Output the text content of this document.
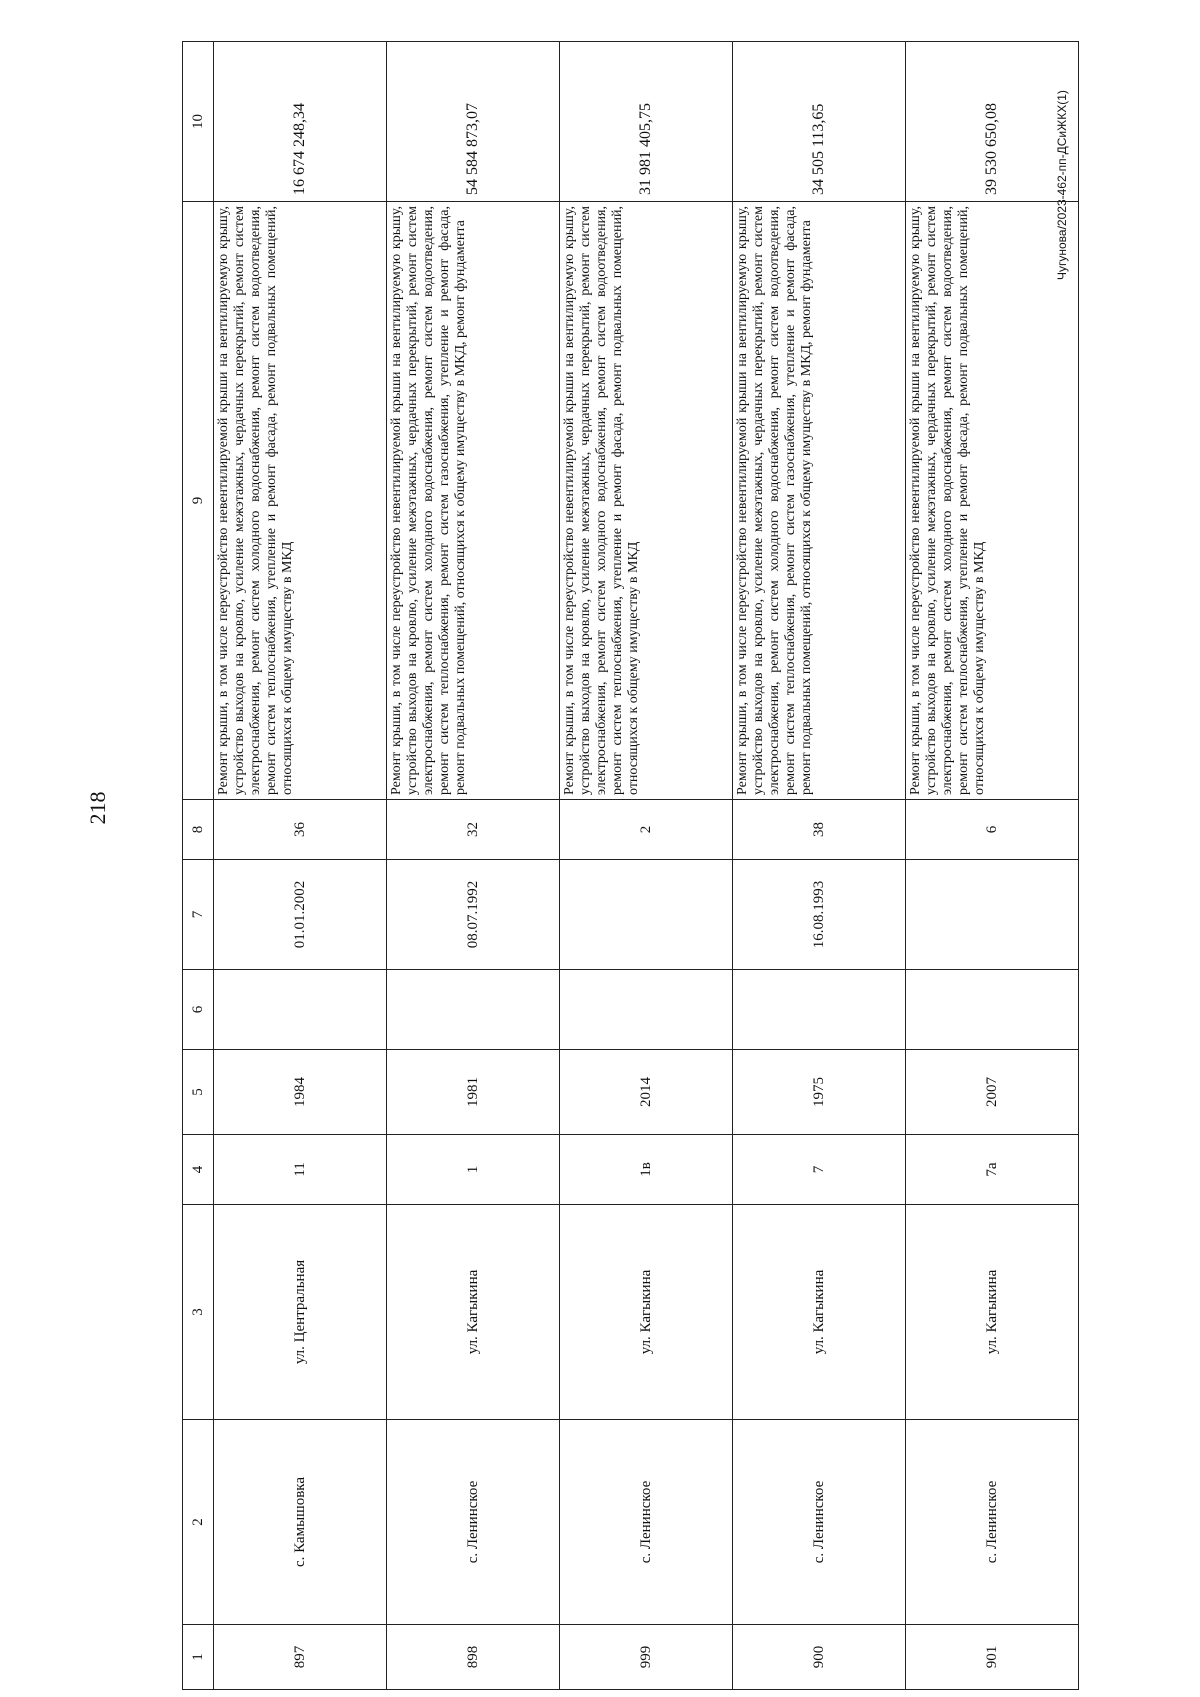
218
Чугунова/2023-462-пп-ДСиЖКХ(1)
1	2	3	4	5	6	7	8	9	10
897	с. Камышовка	ул. Центральная	11	1984		01.01.2002	36	Ремонт крыши, в том числе переустройство невентилируемой крыши на вентилируемую крышу, устройство выходов на кровлю, усиление межэтажных, чердачных перекрытий, ремонт систем электроснабжения, ремонт систем холодного водоснабжения, ремонт систем водоотведения, ремонт систем теплоснабжения, утепление и ремонт фасада, ремонт подвальных помещений, относящихся к общему имуществу в МКД	16 674 248,34
898	с. Ленинское	ул. Кагыкина	1	1981		08.07.1992	32	Ремонт крыши, в том числе переустройство невентилируемой крыши на вентилируемую крышу, устройство выходов на кровлю, усиление межэтажных, чердачных перекрытий, ремонт систем электроснабжения, ремонт систем холодного водоснабжения, ремонт систем водоотведения, ремонт систем теплоснабжения, ремонт систем газоснабжения, утепление и ремонт фасада, ремонт подвальных помещений, относящихся к общему имуществу в МКД, ремонт фундамента	54 584 873,07
999	с. Ленинское	ул. Кагыкина	1в	2014			2	Ремонт крыши, в том числе переустройство невентилируемой крыши на вентилируемую крышу, устройство выходов на кровлю, усиление межэтажных, чердачных перекрытий, ремонт систем электроснабжения, ремонт систем холодного водоснабжения, ремонт систем водоотведения, ремонт систем теплоснабжения, утепление и ремонт фасада, ремонт подвальных помещений, относящихся к общему имуществу в МКД	31 981 405,75
900	с. Ленинское	ул. Кагыкина	7	1975		16.08.1993	38	Ремонт крыши, в том числе переустройство невентилируемой крыши на вентилируемую крышу, устройство выходов на кровлю, усиление межэтажных, чердачных перекрытий, ремонт систем электроснабжения, ремонт систем холодного водоснабжения, ремонт систем водоотведения, ремонт систем теплоснабжения, ремонт систем газоснабжения, утепление и ремонт фасада, ремонт подвальных помещений, относящихся к общему имуществу в МКД, ремонт фундамента	34 505 113,65
901	с. Ленинское	ул. Кагыкина	7а	2007			6	Ремонт крыши, в том числе переустройство невентилируемой крыши на вентилируемую крышу, устройство выходов на кровлю, усиление межэтажных, чердачных перекрытий, ремонт систем электроснабжения, ремонт систем холодного водоснабжения, ремонт систем водоотведения, ремонт систем теплоснабжения, утепление и ремонт фасада, ремонт подвальных помещений, относящихся к общему имуществу в МКД	39 530 650,08
